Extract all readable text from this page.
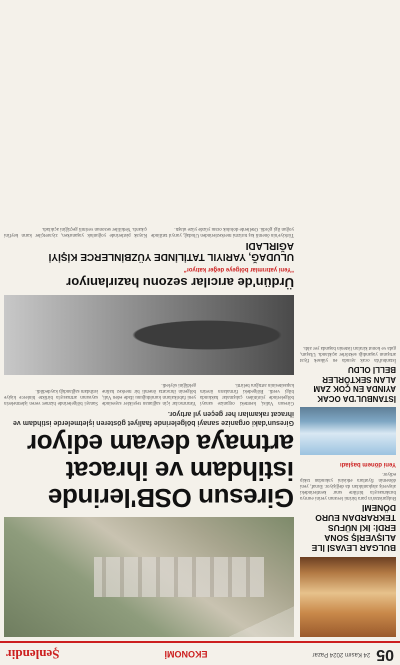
05
24 Kasım 2024 Pazar
EKONOMİ
Şenlendir
BULGAR LEVASİ İLE ALIŞVERİŞ SONA ERDİ: İKİ NÜFUS TEKRARDAN EURO DÖNEMİ
Bulgaristan'ın para birimi levanın yerini euroya bırakmasıyla birlikte sınır kentlerindeki alışveriş alışkanlıkları da değişiyor. Esnaf, yeni dönemin fiyatlara etkisini yakından takip ediyor.
Yeni dönem başladı
İSTANBUL'DA OCAK AYINDA EN ÇOK ZAM ALAN SEKTÖRLER BELLİ OLDU
İstanbul'da ocak ayında en yüksek fiyat artışının yaşandığı sektörler açıklandı. Ulaşım, gıda ve konut kiraları listenin başında yer aldı.
Giresun OSB'lerinde istihdam ve ihracat artmaya devam ediyor
Giresun'daki organize sanayi bölgelerinde faaliyet gösteren işletmelerde istihdam ve ihracat rakamları her geçen yıl artıyor.
Giresun Valisi, kentteki organize sanayi bölgelerinde yürütülen çalışmalar hakkında bilgi verdi. Bölgedeki firmaların üretim kapasitesinin arttığını belirtti.
Yatırımcılar için sağlanan teşvikler sayesinde yeni fabrikaların kurulduğunu ifade eden Vali, bölgenin ihracatta önemli bir merkez haline geldiğini söyledi.
Sanayi bölgelerinde hizmet veren işletmelerin sayısının artmasıyla birlikte binlerce kişiye istihdam sağlandığı kaydedildi.
Ürdün'de arıcılar sezonu hazırlanıyor
"Yeni yatırımlar bölgeye değer katıyor"
ULUDAĞ, YARIYIL TATİLİNDE YÜZBİNLERCE KİŞİYİ AĞIRLADI
Türkiye'nin önemli kış turizmi merkezlerinden Uludağ, yarıyıl tatilinde yoğun ilgi gördü. Otellerde doluluk oranı yüzde yüze ulaştı.
Kayak pistlerinde yoğunluk yaşanırken, ziyaretçiler karın keyfini çıkardı. Yetkililer sezonun verimli geçtiğini açıkladı.
